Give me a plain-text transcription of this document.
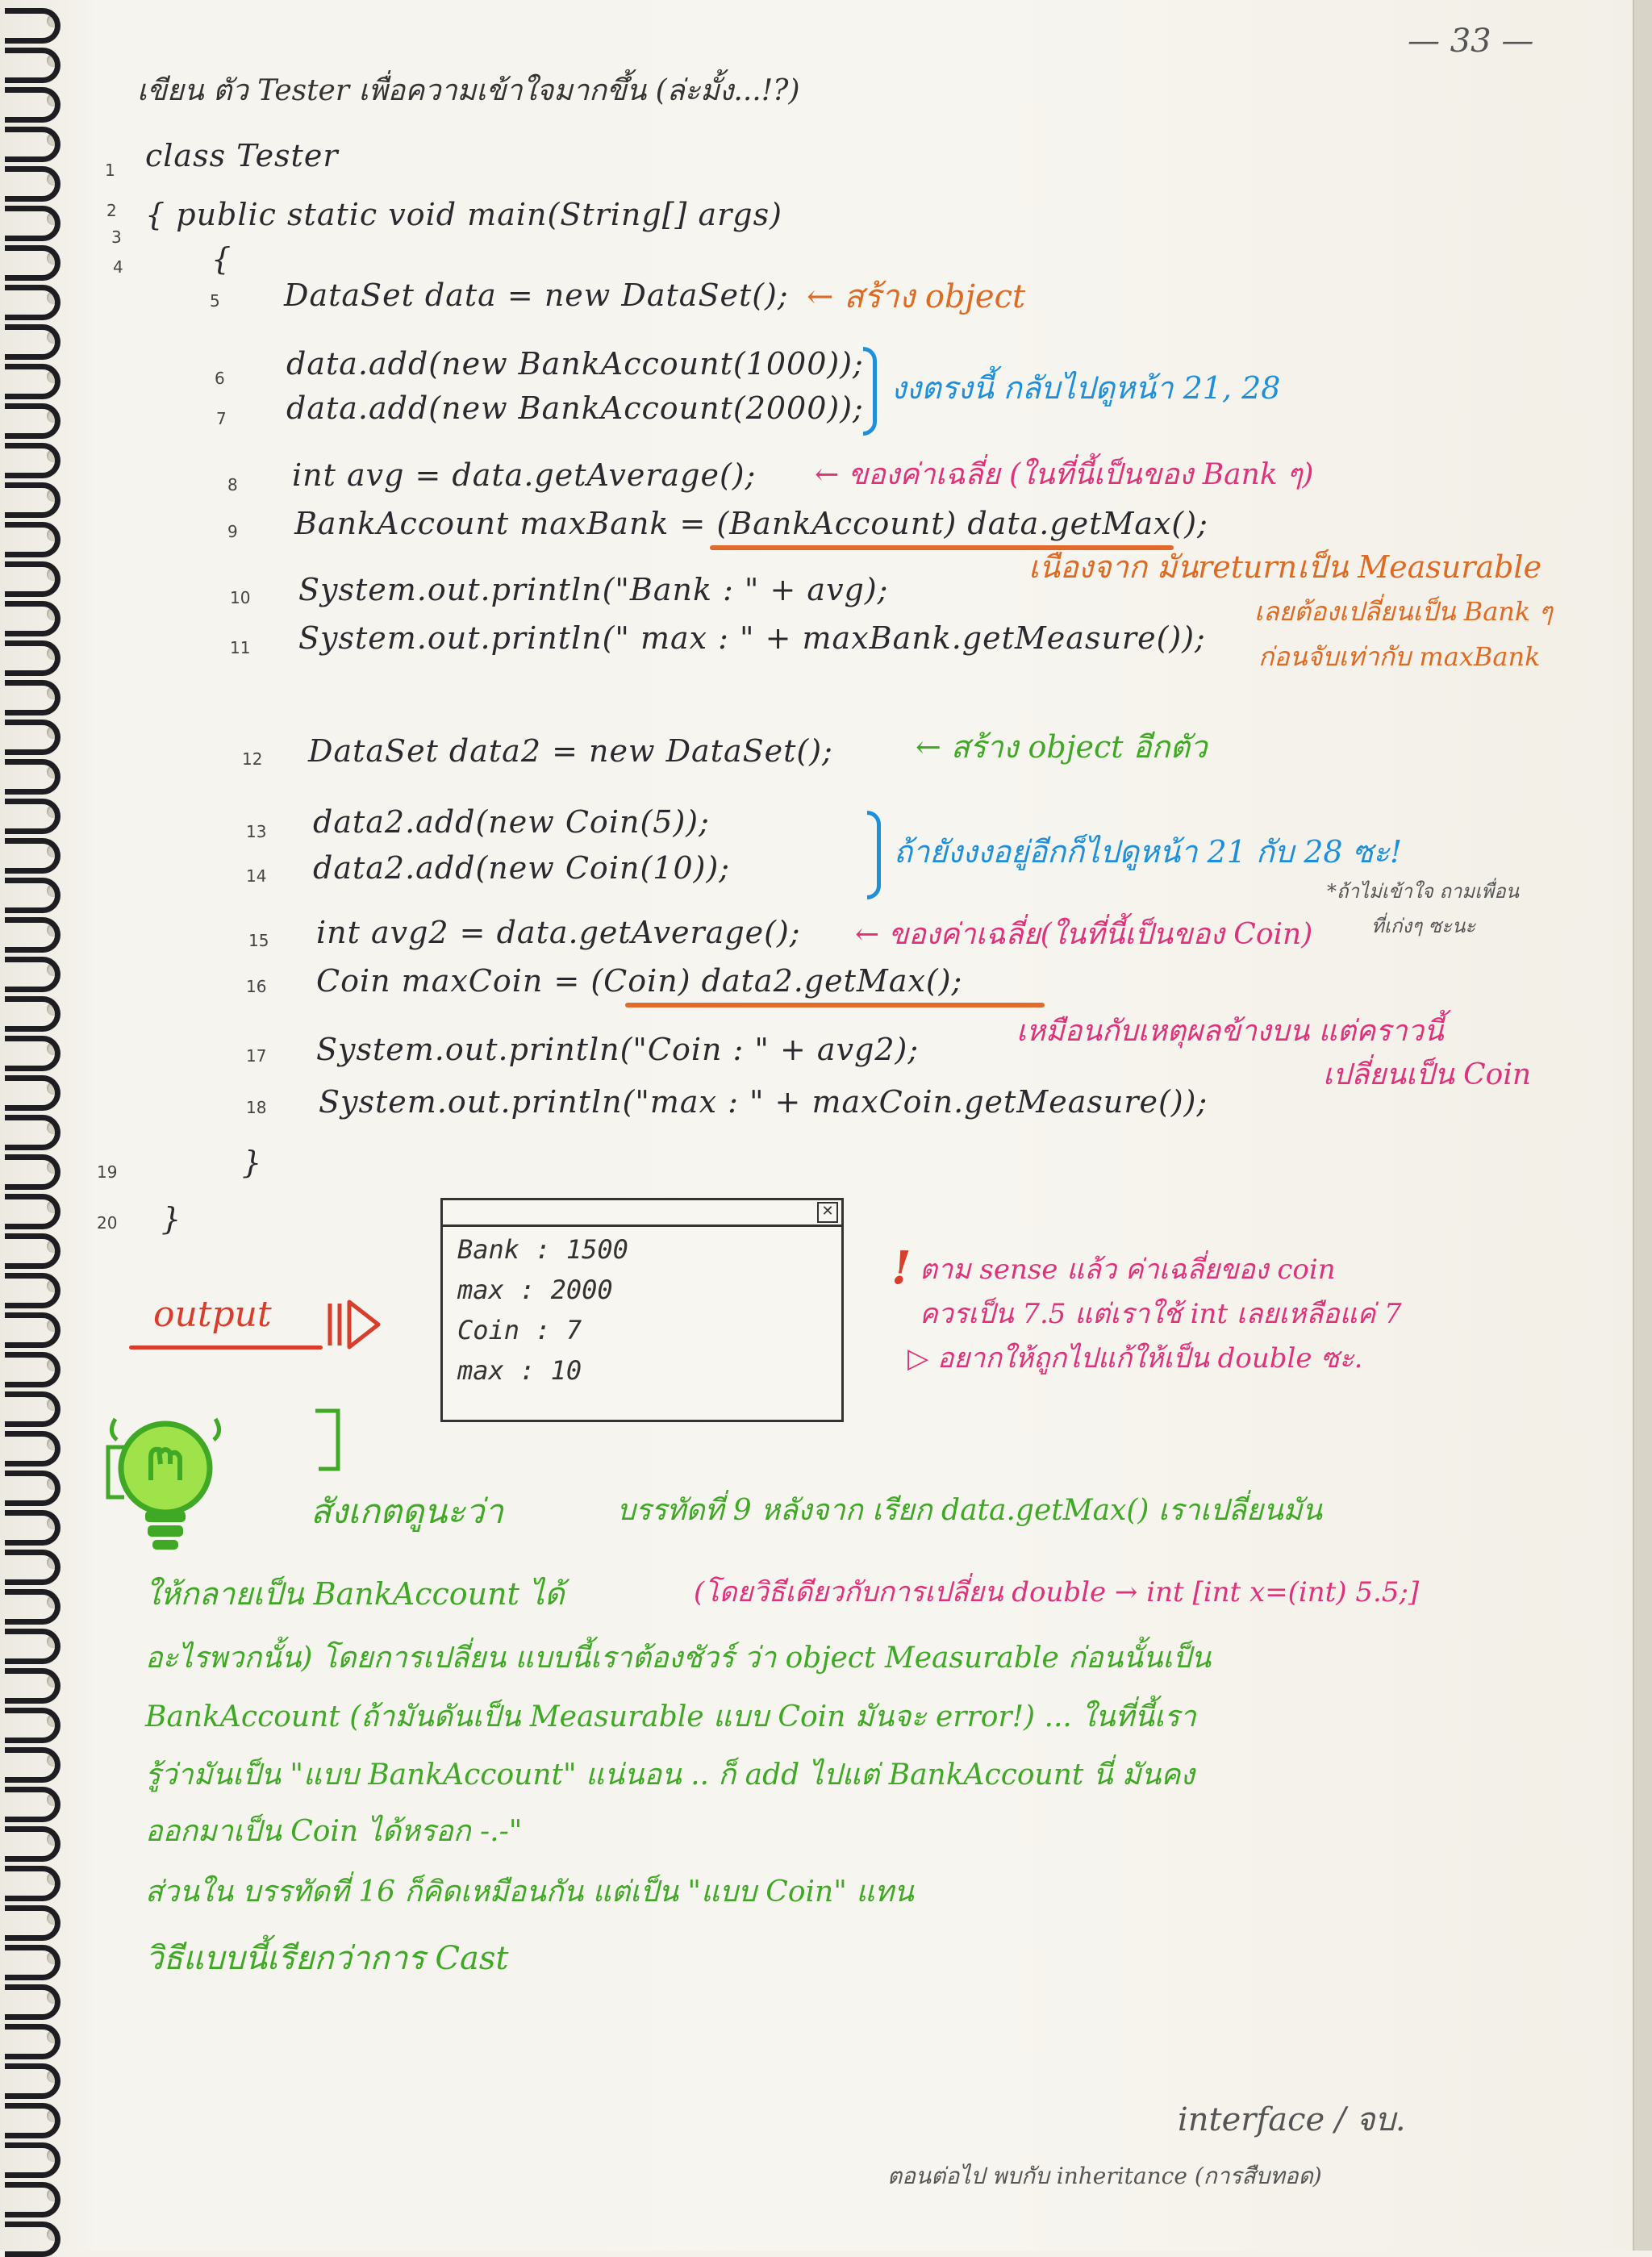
— 33 —
เขียน ตัว Tester เพื่อความเข้าใจมากขึ้น (ล่ะมั้ง...!?)
1 class Tester
2 { public static void main(String[] args)
3
4	{
5 DataSet data = new DataSet(); ← สร้าง object
6 data.add(new BankAccount(1000));
7 data.add(new BankAccount(2000));
งงตรงนี้ กลับไปดูหน้า 21, 28
8 int avg = data.getAverage(); ← ของค่าเฉลี่ย (ในที่นี้เป็นของ Bank ๆ)
9 BankAccount maxBank = (BankAccount) data.getMax();
เนื่องจาก มันreturnเป็น Measurable
10 System.out.println("Bank : " + avg);
เลยต้องเปลี่ยนเป็น Bank ๆ
11 System.out.println(" max : " + maxBank.getMeasure());
ก่อนจับเท่ากับ maxBank
12 DataSet data2 = new DataSet();	← สร้าง object อีกตัว
13 data2.add(new Coin(5));
14 data2.add(new Coin(10));	ถ้ายังงงอยู่อีกก็ไปดูหน้า 21 กับ 28 ซะ!
*ถ้าไม่เข้าใจ ถามเพื่อน
15 int avg2 = data.getAverage(); ← ของค่าเฉลี่ย(ในที่นี้เป็นของ Coin)	ที่เก่งๆ ซะนะ
16 Coin maxCoin = (Coin) data2.getMax();
17 System.out.println("Coin : " + avg2);
เหมือนกับเหตุผลข้างบน แต่คราวนี้
เปลี่ยนเป็น Coin
18 System.out.println("max : " + maxCoin.getMeasure());
19	}
20 }
output
✕
Bank : 1500
max : 2000
Coin : 7
max : 10
! ตาม sense แล้ว ค่าเฉลี่ยของ coin
ควรเป็น 7.5 แต่เราใช้ int เลยเหลือแค่ 7
▷ อยากให้ถูกไปแก้ให้เป็น double ซะ.
สังเกตดูนะว่า	บรรทัดที่ 9 หลังจาก เรียก data.getMax() เราเปลี่ยนมัน
ให้กลายเป็น BankAccount ได้	(โดยวิธีเดียวกับการเปลี่ยน double → int [int x=(int) 5.5;]
อะไรพวกนั้น) โดยการเปลี่ยน แบบนี้เราต้องชัวร์ ว่า object Measurable ก่อนนั้นเป็น
BankAccount (ถ้ามันดันเป็น Measurable แบบ Coin มันจะ error!) ... ในที่นี้เรา
รู้ว่ามันเป็น "แบบ BankAccount" แน่นอน .. ก็ add ไปแต่ BankAccount นี่ มันคง
ออกมาเป็น Coin ได้หรอก -.-"
ส่วนใน บรรทัดที่ 16 ก็คิดเหมือนกัน แต่เป็น "แบบ Coin" แทน
วิธีแบบนี้เรียกว่าการ Cast
interface / จบ.
ตอนต่อไป พบกับ inheritance (การสืบทอด)
